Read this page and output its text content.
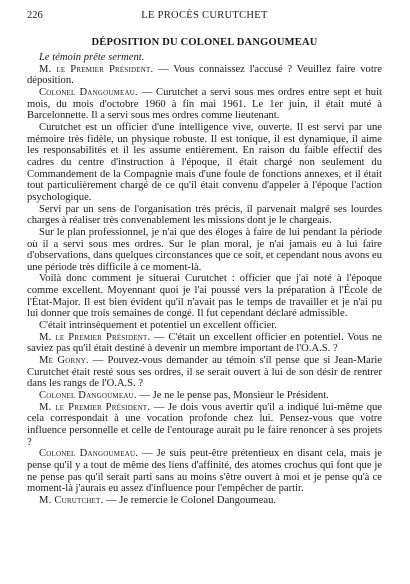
226	LE PROCÈS CURUTCHET
DÉPOSITION DU COLONEL DANGOUMEAU

Le témoin prête serment.

M. le Premier Président. — Vous connaissez l'accusé ? Veuillez faire votre déposition.

Colonel Dangoumeau. — Curutchet a servi sous mes ordres entre sept et huit mois, du mois d'octobre 1960 à fin mai 1961. Le 1er juin, il était muté à Barcelonnette. Il a servi sous mes ordres comme lieutenant.

Curutchet est un officier d'une intelligence vive, ouverte. Il est servi par une mémoire très fidèle, un physique robuste. Il est tonique, il est dynamique, il aime les responsabilités et il les assume entièrement. En raison du faible effectif des cadres du centre d'instruction à l'époque, il était chargé non seulement du Commandement de la Compagnie mais d'une foule de fonctions annexes, et il était tout particulièrement chargé de ce qu'il était convenu d'appeler à l'époque l'action psychologique.

Servi par un sens de l'organisation très précis, il parvenait malgré ses lourdes charges à réaliser très convenablement les missions dont je le chargeais.

Sur le plan professionnel, je n'ai que des éloges à faire de lui pendant la période où il a servi sous mes ordres. Sur le plan moral, je n'ai jamais eu à lui faire d'observations, dans quelques circonstances que ce soit, et cependant nous avons eu une période très difficile à ce moment-là.

Voilà donc comment je situerai Curutchet : officier que j'ai noté à l'époque comme excellent. Moyennant quoi je l'ai poussé vers la préparation à l'École de l'État-Major. Il est bien évident qu'il n'avait pas le temps de travailler et je n'ai pu lui donner que trois semaines de congé. Il fut cependant déclaré admissible.

C'était intrinsèquement et potentiel un excellent officier.

M. le Premier Président. — C'était un excellent officier en potentiel. Vous ne saviez pas qu'il était destiné à devenir un membre important de l'O.A.S. ?

Me Gorny. — Pouvez-vous demander au témoin s'il pense que si Jean-Marie Curutchet était resté sous ses ordres, il se serait ouvert à lui de son désir de rentrer dans les rangs de l'O.A.S. ?

Colonel Dangoumeau. — Je ne le pense pas, Monsieur le Président.

M. le Premier Président. — Je dois vous avertir qu'il a indiqué lui-même que cela correspondait à une vocation profonde chez lui. Pensez-vous que votre influence personnelle et celle de l'entourage aurait pu le faire renoncer à ses projets ?

Colonel Dangoumeau. — Je suis peut-être prétentieux en disant cela, mais je pense qu'il y a tout de même des liens d'affinité, des atomes crochus qui font que je ne pense pas qu'il serait parti sans au moins s'être ouvert à moi et je pense qu'à ce moment-là j'aurais eu assez d'influence pour l'empêcher de partir.

M. Curutchet. — Je remercie le Colonel Dangoumeau.
